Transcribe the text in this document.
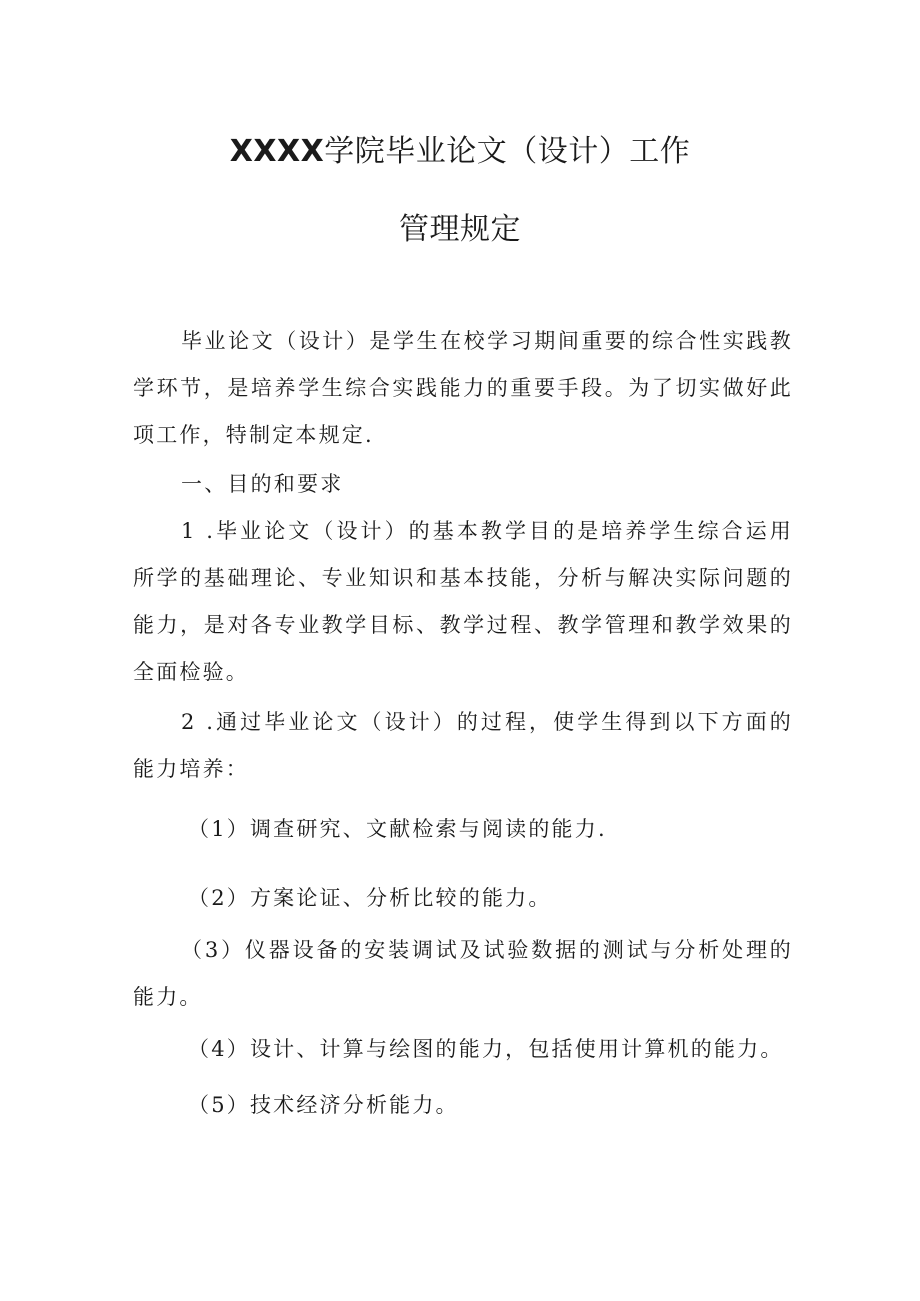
XXXX学院毕业论文（设计）工作
管理规定
毕业论文（设计）是学生在校学习期间重要的综合性实践教学环节，是培养学生综合实践能力的重要手段。为了切实做好此项工作，特制定本规定.
一、目的和要求
1 .毕业论文（设计）的基本教学目的是培养学生综合运用所学的基础理论、专业知识和基本技能，分析与解决实际问题的能力，是对各专业教学目标、教学过程、教学管理和教学效果的全面检验。
2 .通过毕业论文（设计）的过程，使学生得到以下方面的能力培养：
（1）调查研究、文献检索与阅读的能力.
（2）方案论证、分析比较的能力。
（3）仪器设备的安装调试及试验数据的测试与分析处理的能力。
（4）设计、计算与绘图的能力，包括使用计算机的能力。
（5）技术经济分析能力。
